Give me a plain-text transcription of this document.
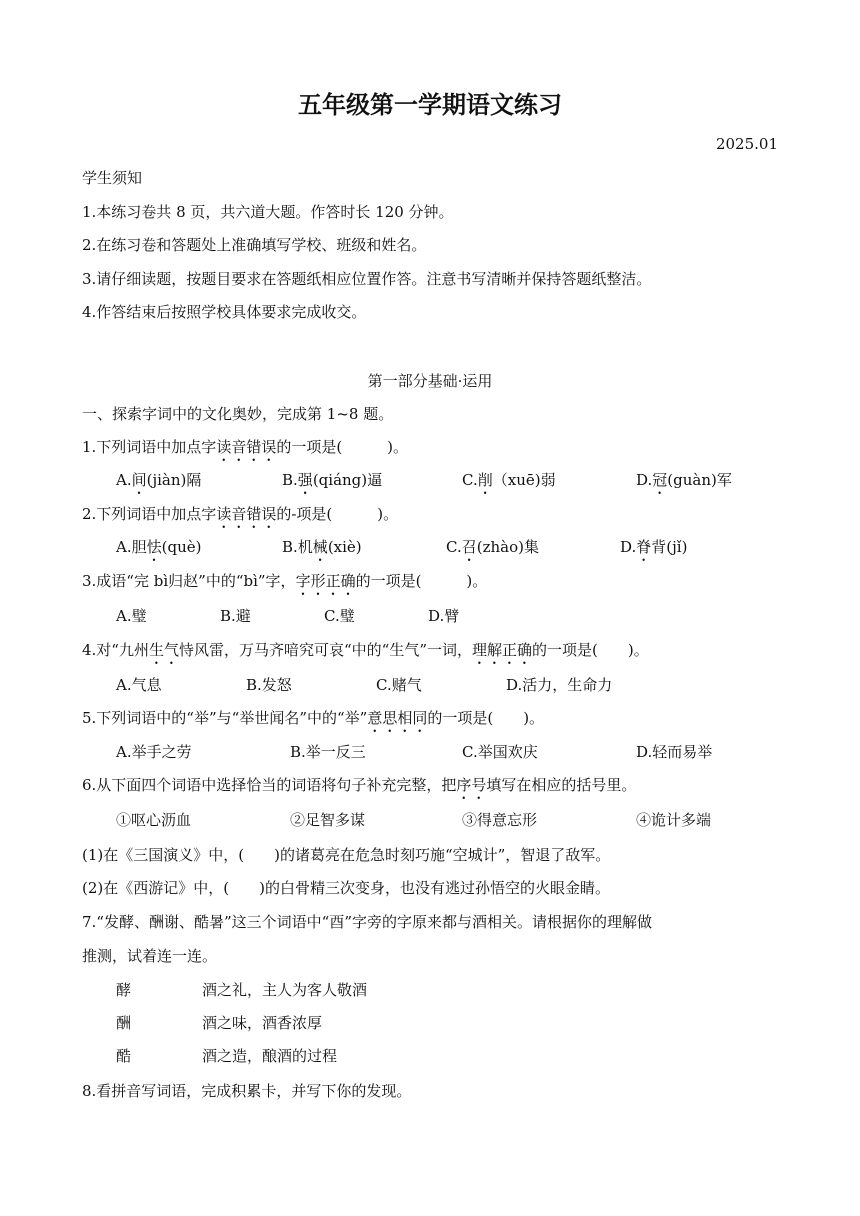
五年级第一学期语文练习
2025.01
学生须知
1.本练习卷共 8 页，共六道大题。作答时长 120 分钟。
2.在练习卷和答题处上准确填写学校、班级和姓名。
3.请仔细读题，按题目要求在答题纸相应位置作答。注意书写清晰并保持答题纸整洁。
4.作答结束后按照学校具体要求完成收交。
第一部分基础·运用
一、探索字词中的文化奥妙，完成第 1~8 题。
1.下列词语中加点字读音错误的一项是(　　　)。
A.间(jiàn)隔	B.强(qiáng)逼	C.削（xuē)弱	D.冠(guàn)军
2.下列词语中加点字读音错误的-项是(　　　)。
A.胆怯(què)	B.机械(xiè)	C.召(zhào)集	D.脊背(jǐ)
3.成语“完 bì归赵”中的“bì”字，字形正确的一项是(　　　)。
A.璧	B.避	C.璧	D.臂
4.对“九州生气恃风雷，万马齐喑究可哀“中的“生气”一词，理解正确的一项是(　　)。
A.气息	B.发怒	C.赌气	D.活力，生命力
5.下列词语中的“举”与“举世闻名”中的“举”意思相同的一项是(　　)。
A.举手之劳	B.举一反三	C.举国欢庆	D.轻而易举
6.从下面四个词语中选择恰当的词语将句子补充完整，把序号填写在相应的括号里。
①呕心沥血	②足智多谋	③得意忘形	④诡计多端
(1)在《三国演义》中，(　　)的诸葛亮在危急时刻巧施“空城计”，智退了敌军。
(2)在《西游记》中，(　　)的白骨精三次变身，也没有逃过孙悟空的火眼金睛。
7.“发酵、酬谢、酷暑”这三个词语中“酉”字旁的字原来都与酒相关。请根据你的理解做
推测，试着连一连。
酵	酒之礼，主人为客人敬酒
酬	酒之味，酒香浓厚
酷	酒之造，酿酒的过程
8.看拼音写词语，完成积累卡，并写下你的发现。
